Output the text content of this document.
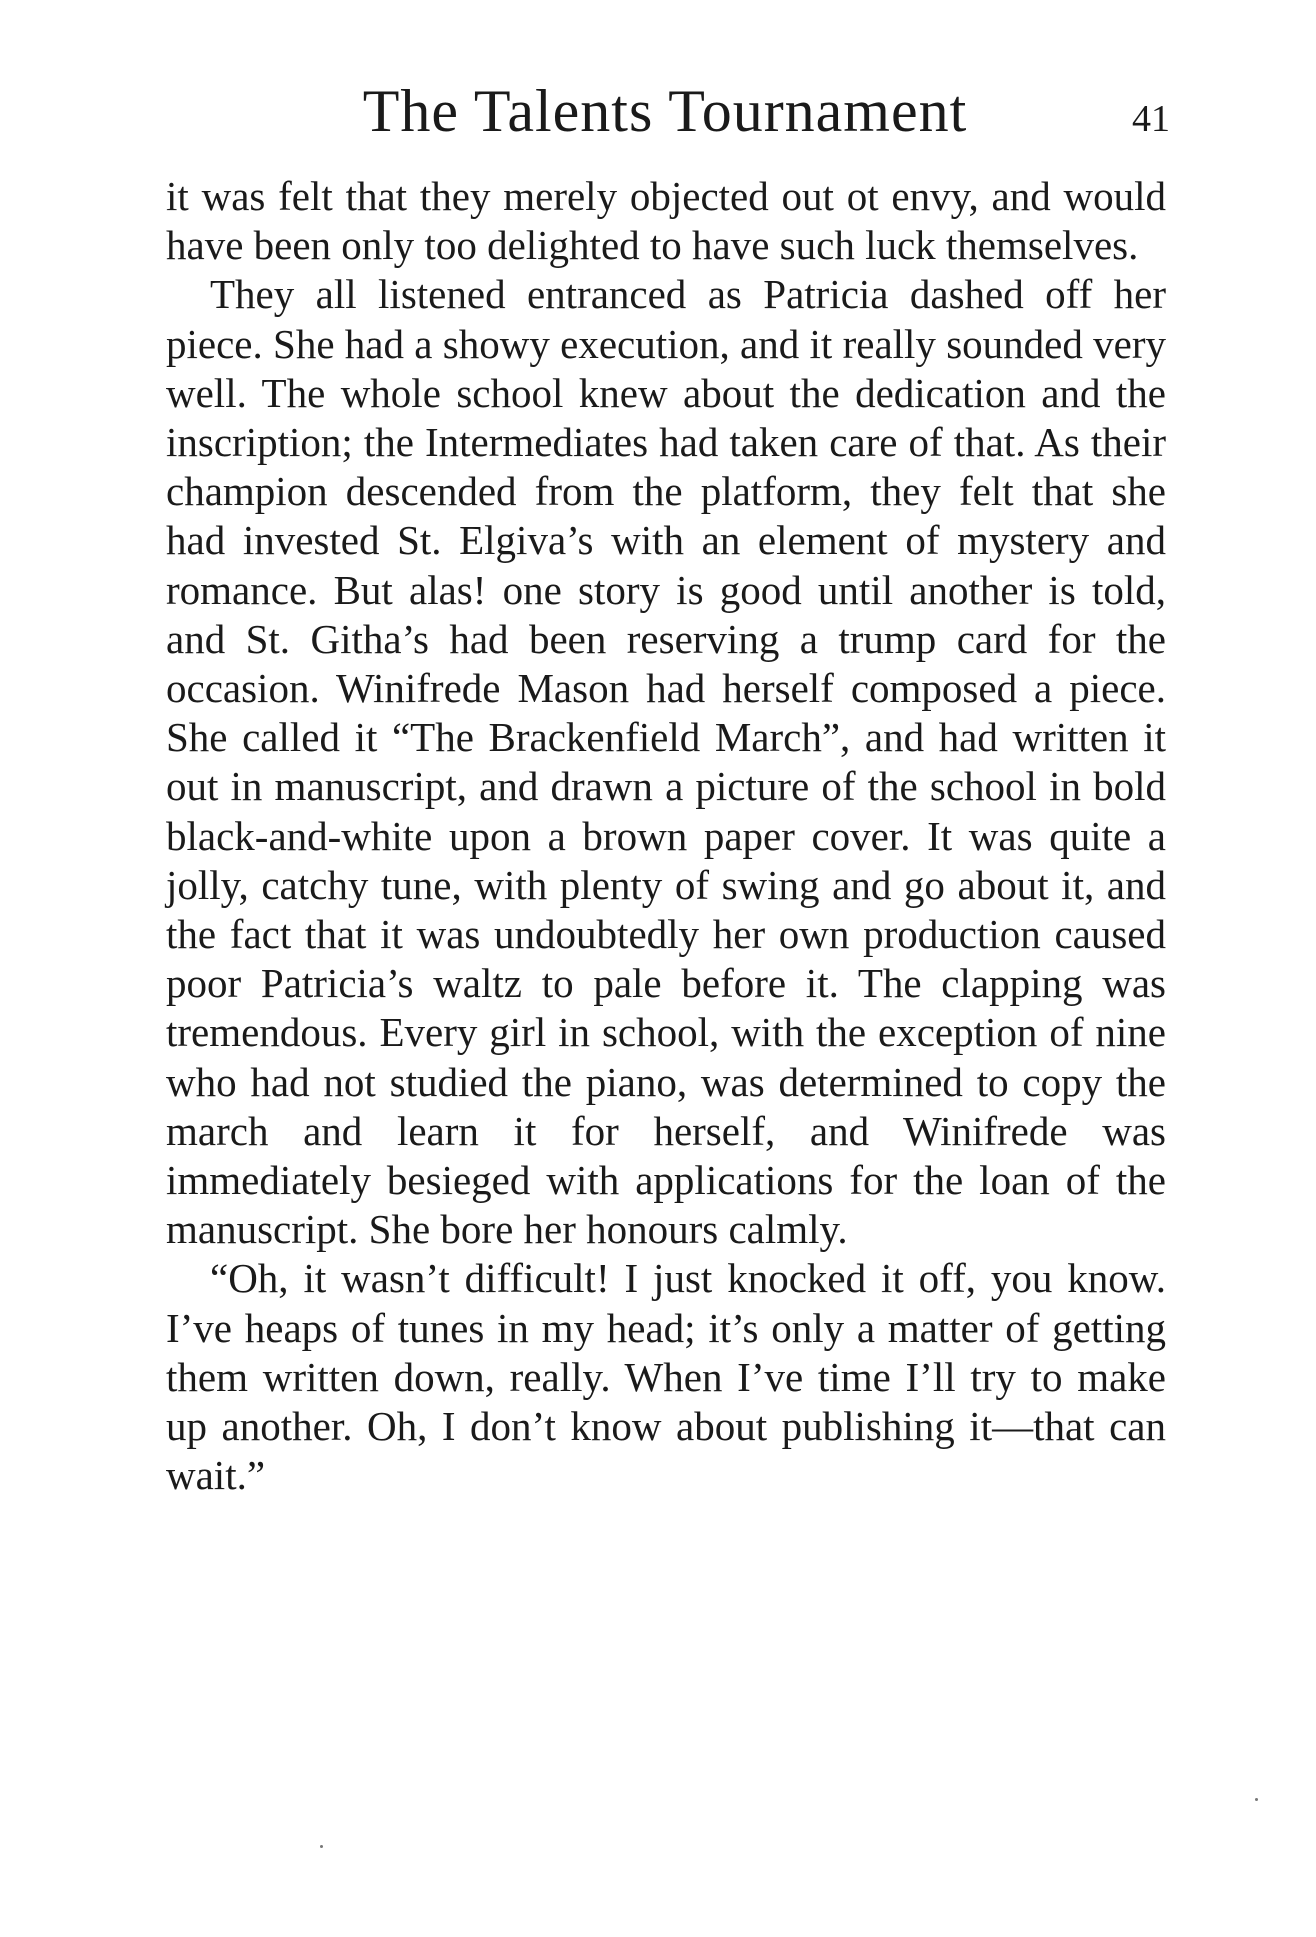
The Talents Tournament	41

it was felt that they merely objected out ot envy, and would have been only too delighted to have such luck themselves.

They all listened entranced as Patricia dashed off her piece. She had a showy execution, and it really sounded very well. The whole school knew about the dedication and the inscription; the Intermediates had taken care of that. As their champion descended from the platform, they felt that she had invested St. Elgiva’s with an element of mystery and romance. But alas! one story is good until another is told, and St. Githa’s had been reserving a trump card for the occasion. Winifrede Mason had herself composed a piece. She called it “The Brackenfield March”, and had written it out in manuscript, and drawn a picture of the school in bold black-and-white upon a brown paper cover. It was quite a jolly, catchy tune, with plenty of swing and go about it, and the fact that it was undoubtedly her own production caused poor Patricia’s waltz to pale before it. The clapping was tremendous. Every girl in school, with the exception of nine who had not studied the piano, was determined to copy the march and learn it for herself, and Winifrede was immediately besieged with applications for the loan of the manuscript. She bore her honours calmly.

“Oh, it wasn’t difficult! I just knocked it off, you know. I’ve heaps of tunes in my head; it’s only a matter of getting them written down, really. When I’ve time I’ll try to make up another. Oh, I don’t know about publishing it—that can wait.”
